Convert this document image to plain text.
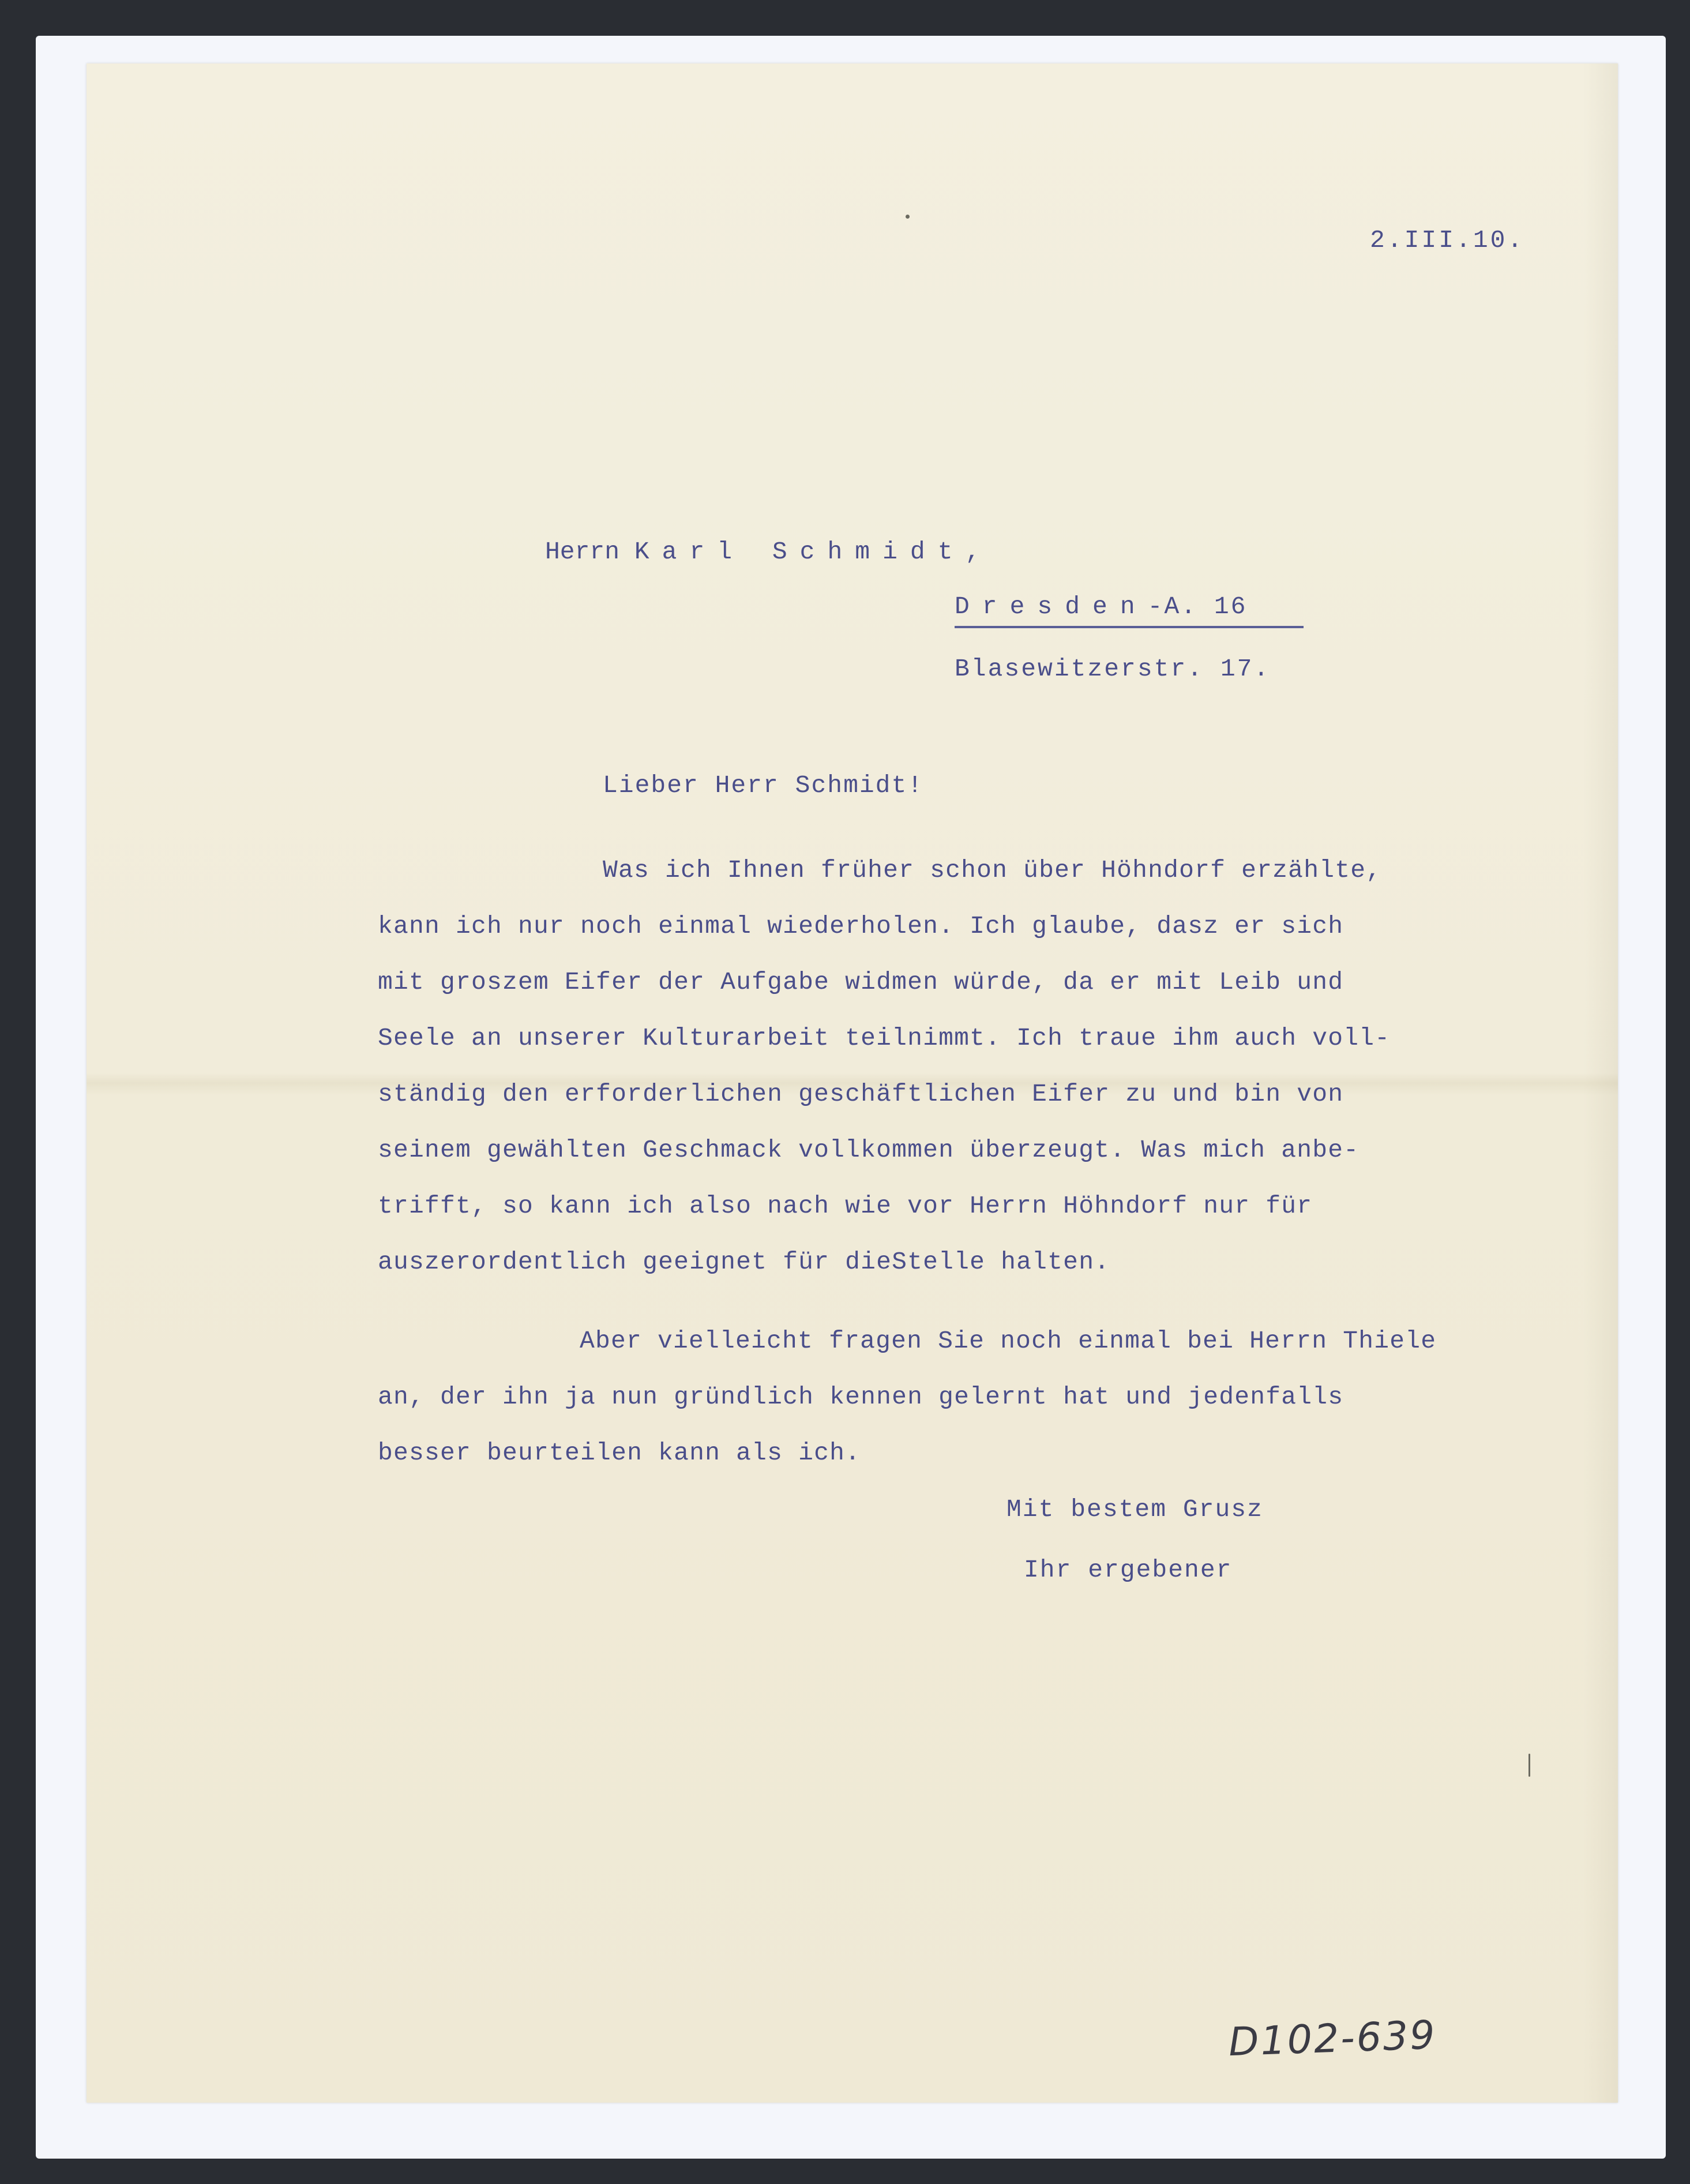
2.III.10.
Herrn Karl Schmidt,
Dresden-A. 16
Blasewitzerstr. 17.
Lieber Herr Schmidt!
Was ich Ihnen früher schon über Höhndorf erzählte,
kann ich nur noch einmal wiederholen. Ich glaube, dasz er sich
mit groszem Eifer der Aufgabe widmen würde, da er mit Leib und
Seele an unserer Kulturarbeit teilnimmt. Ich traue ihm auch voll-
ständig den erforderlichen geschäftlichen Eifer zu und bin von
seinem gewählten Geschmack vollkommen überzeugt. Was mich anbe-
trifft, so kann ich also nach wie vor Herrn Höhndorf nur für
auszerordentlich geeignet für dieStelle halten.
Aber vielleicht fragen Sie noch einmal bei Herrn Thiele
an, der ihn ja nun gründlich kennen gelernt hat und jedenfalls
besser beurteilen kann als ich.
Mit bestem Grusz
Ihr ergebener
D102-639
